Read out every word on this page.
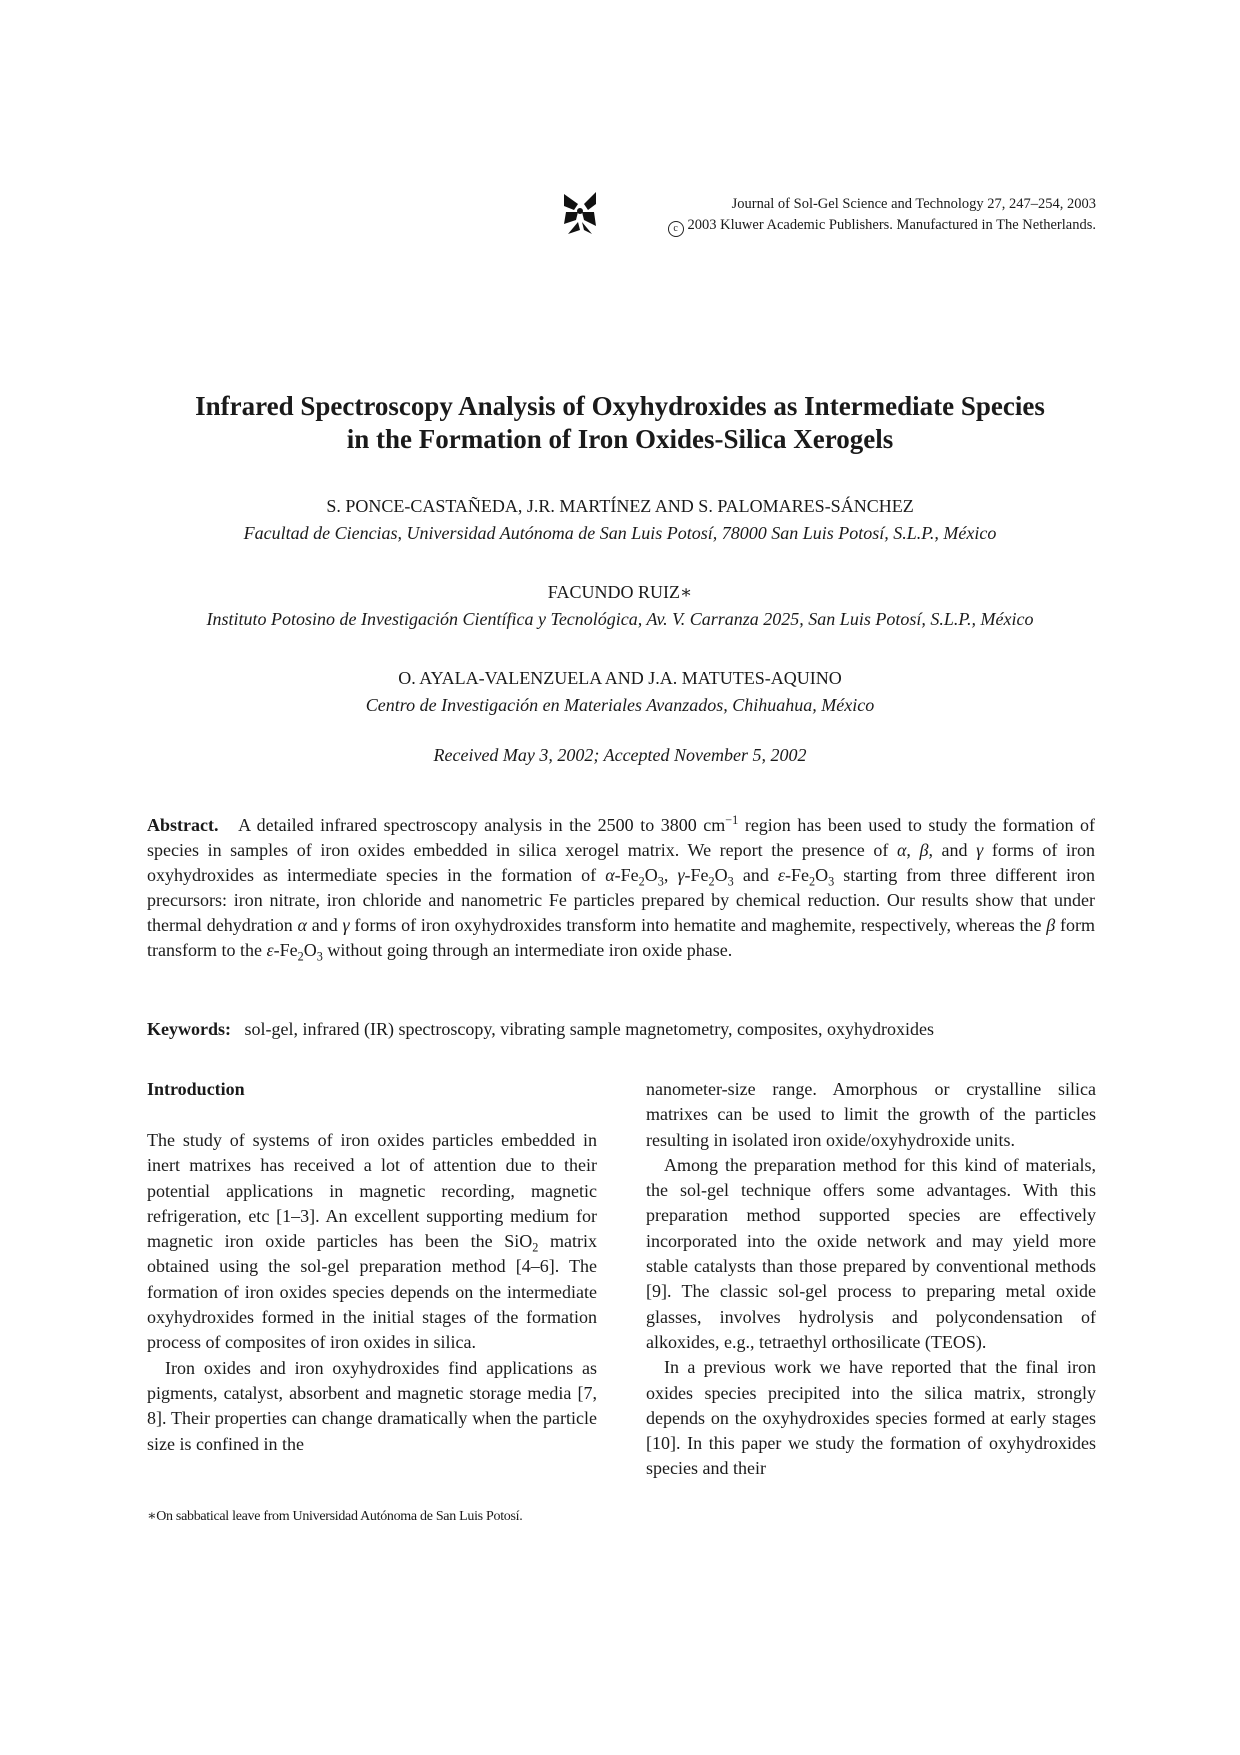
Journal of Sol-Gel Science and Technology 27, 247–254, 2003
c 2003 Kluwer Academic Publishers. Manufactured in The Netherlands.
Infrared Spectroscopy Analysis of Oxyhydroxides as Intermediate Species
in the Formation of Iron Oxides-Silica Xerogels
S. PONCE-CASTAÑEDA, J.R. MARTÍNEZ AND S. PALOMARES-SÁNCHEZ
Facultad de Ciencias, Universidad Autónoma de San Luis Potosí, 78000 San Luis Potosí, S.L.P., México
FACUNDO RUIZ∗
Instituto Potosino de Investigación Científica y Tecnológica, Av. V. Carranza 2025, San Luis Potosí, S.L.P., México
O. AYALA-VALENZUELA AND J.A. MATUTES-AQUINO
Centro de Investigación en Materiales Avanzados, Chihuahua, México
Received May 3, 2002; Accepted November 5, 2002
Abstract. A detailed infrared spectroscopy analysis in the 2500 to 3800 $cm^{-1}$ region has been used to study the formation of species in samples of iron oxides embedded in silica xerogel matrix. We report the presence of α, β, and γ forms of iron oxyhydroxides as intermediate species in the formation of $\alpha-Fe_2O_3$, $\gamma-Fe_2O_3$ and $\varepsilon-Fe_2O_3$ starting from three different iron precursors: iron nitrate, iron chloride and nanometric Fe particles prepared by chemical reduction. Our results show that under thermal dehydration α and γ forms of iron oxyhydroxides transform into hematite and maghemite, respectively, whereas the β form transform to the $\varepsilon-Fe_2O_3$ without going through an intermediate iron oxide phase.
Keywords: sol-gel, infrared (IR) spectroscopy, vibrating sample magnetometry, composites, oxyhydroxides
Introduction

The study of systems of iron oxides particles embedded in inert matrixes has received a lot of attention due to their potential applications in magnetic recording, magnetic refrigeration, etc [1–3]. An excellent supporting medium for magnetic iron oxide particles has been the SiO$_2$ matrix obtained using the sol-gel preparation method [4–6]. The formation of iron oxides species depends on the intermediate oxyhydroxides formed in the initial stages of the formation process of composites of iron oxides in silica.

Iron oxides and iron oxyhydroxides find applications as pigments, catalyst, absorbent and magnetic storage media [7, 8]. Their properties can change dramatically when the particle size is confined in the

∗On sabbatical leave from Universidad Autónoma de San Luis Potosí.

nanometer-size range. Amorphous or crystalline silica matrixes can be used to limit the growth of the particles resulting in isolated iron oxide/oxyhydroxide units.

Among the preparation method for this kind of materials, the sol-gel technique offers some advantages. With this preparation method supported species are effectively incorporated into the oxide network and may yield more stable catalysts than those prepared by conventional methods [9]. The classic sol-gel process to preparing metal oxide glasses, involves hydrolysis and polycondensation of alkoxides, e.g., tetraethyl orthosilicate (TEOS).

In a previous work we have reported that the final iron oxides species precipited into the silica matrix, strongly depends on the oxyhydroxides species formed at early stages [10]. In this paper we study the formation of oxyhydroxides species and their
